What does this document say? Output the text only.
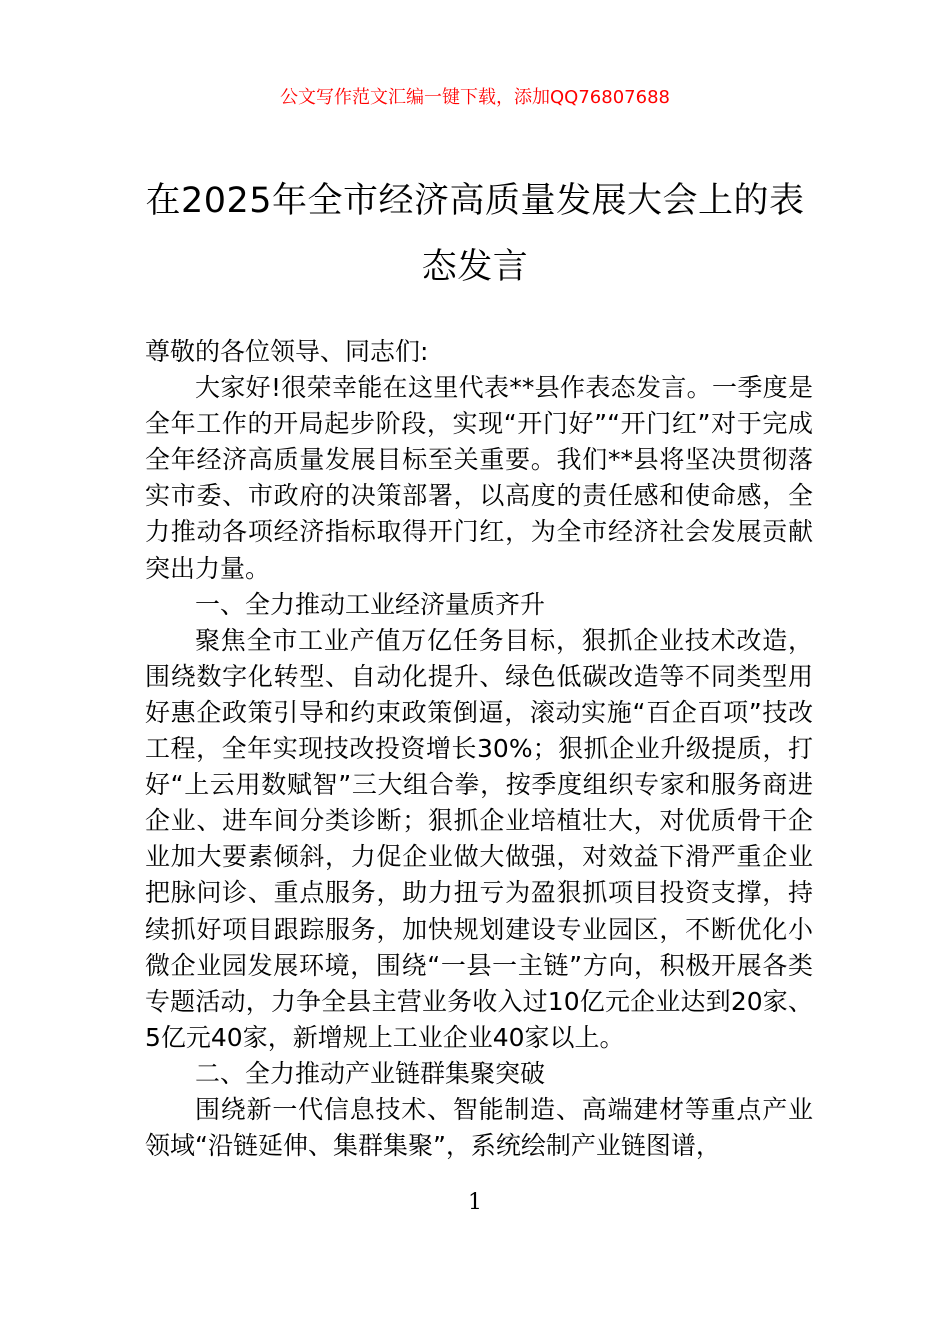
公文写作范文汇编一键下载，添加QQ76807688
在2025年全市经济高质量发展大会上的表态发言

尊敬的各位领导、同志们:

大家好!很荣幸能在这里代表**县作表态发言。一季度是全年工作的开局起步阶段，实现“开门好”“开门红”对于完成全年经济高质量发展目标至关重要。我们**县将坚决贯彻落实市委、市政府的决策部署，以高度的责任感和使命感，全力推动各项经济指标取得开门红，为全市经济社会发展贡献突出力量。

一、全力推动工业经济量质齐升

聚焦全市工业产值万亿任务目标，狠抓企业技术改造，围绕数字化转型、自动化提升、绿色低碳改造等不同类型用好惠企政策引导和约束政策倒逼，滚动实施“百企百项”技改工程，全年实现技改投资增长30%；狠抓企业升级提质，打好“上云用数赋智”三大组合拳，按季度组织专家和服务商进企业、进车间分类诊断；狠抓企业培植壮大，对优质骨干企业加大要素倾斜，力促企业做大做强，对效益下滑严重企业把脉问诊、重点服务，助力扭亏为盈狠抓项目投资支撑，持续抓好项目跟踪服务，加快规划建设专业园区，不断优化小微企业园发展环境，围绕“一县一主链”方向，积极开展各类专题活动，力争全县主营业务收入过10亿元企业达到20家、5亿元40家，新增规上工业企业40家以上。

二、全力推动产业链群集聚突破

围绕新一代信息技术、智能制造、高端建材等重点产业领域“沿链延伸、集群集聚”，系统绘制产业链图谱，

1
